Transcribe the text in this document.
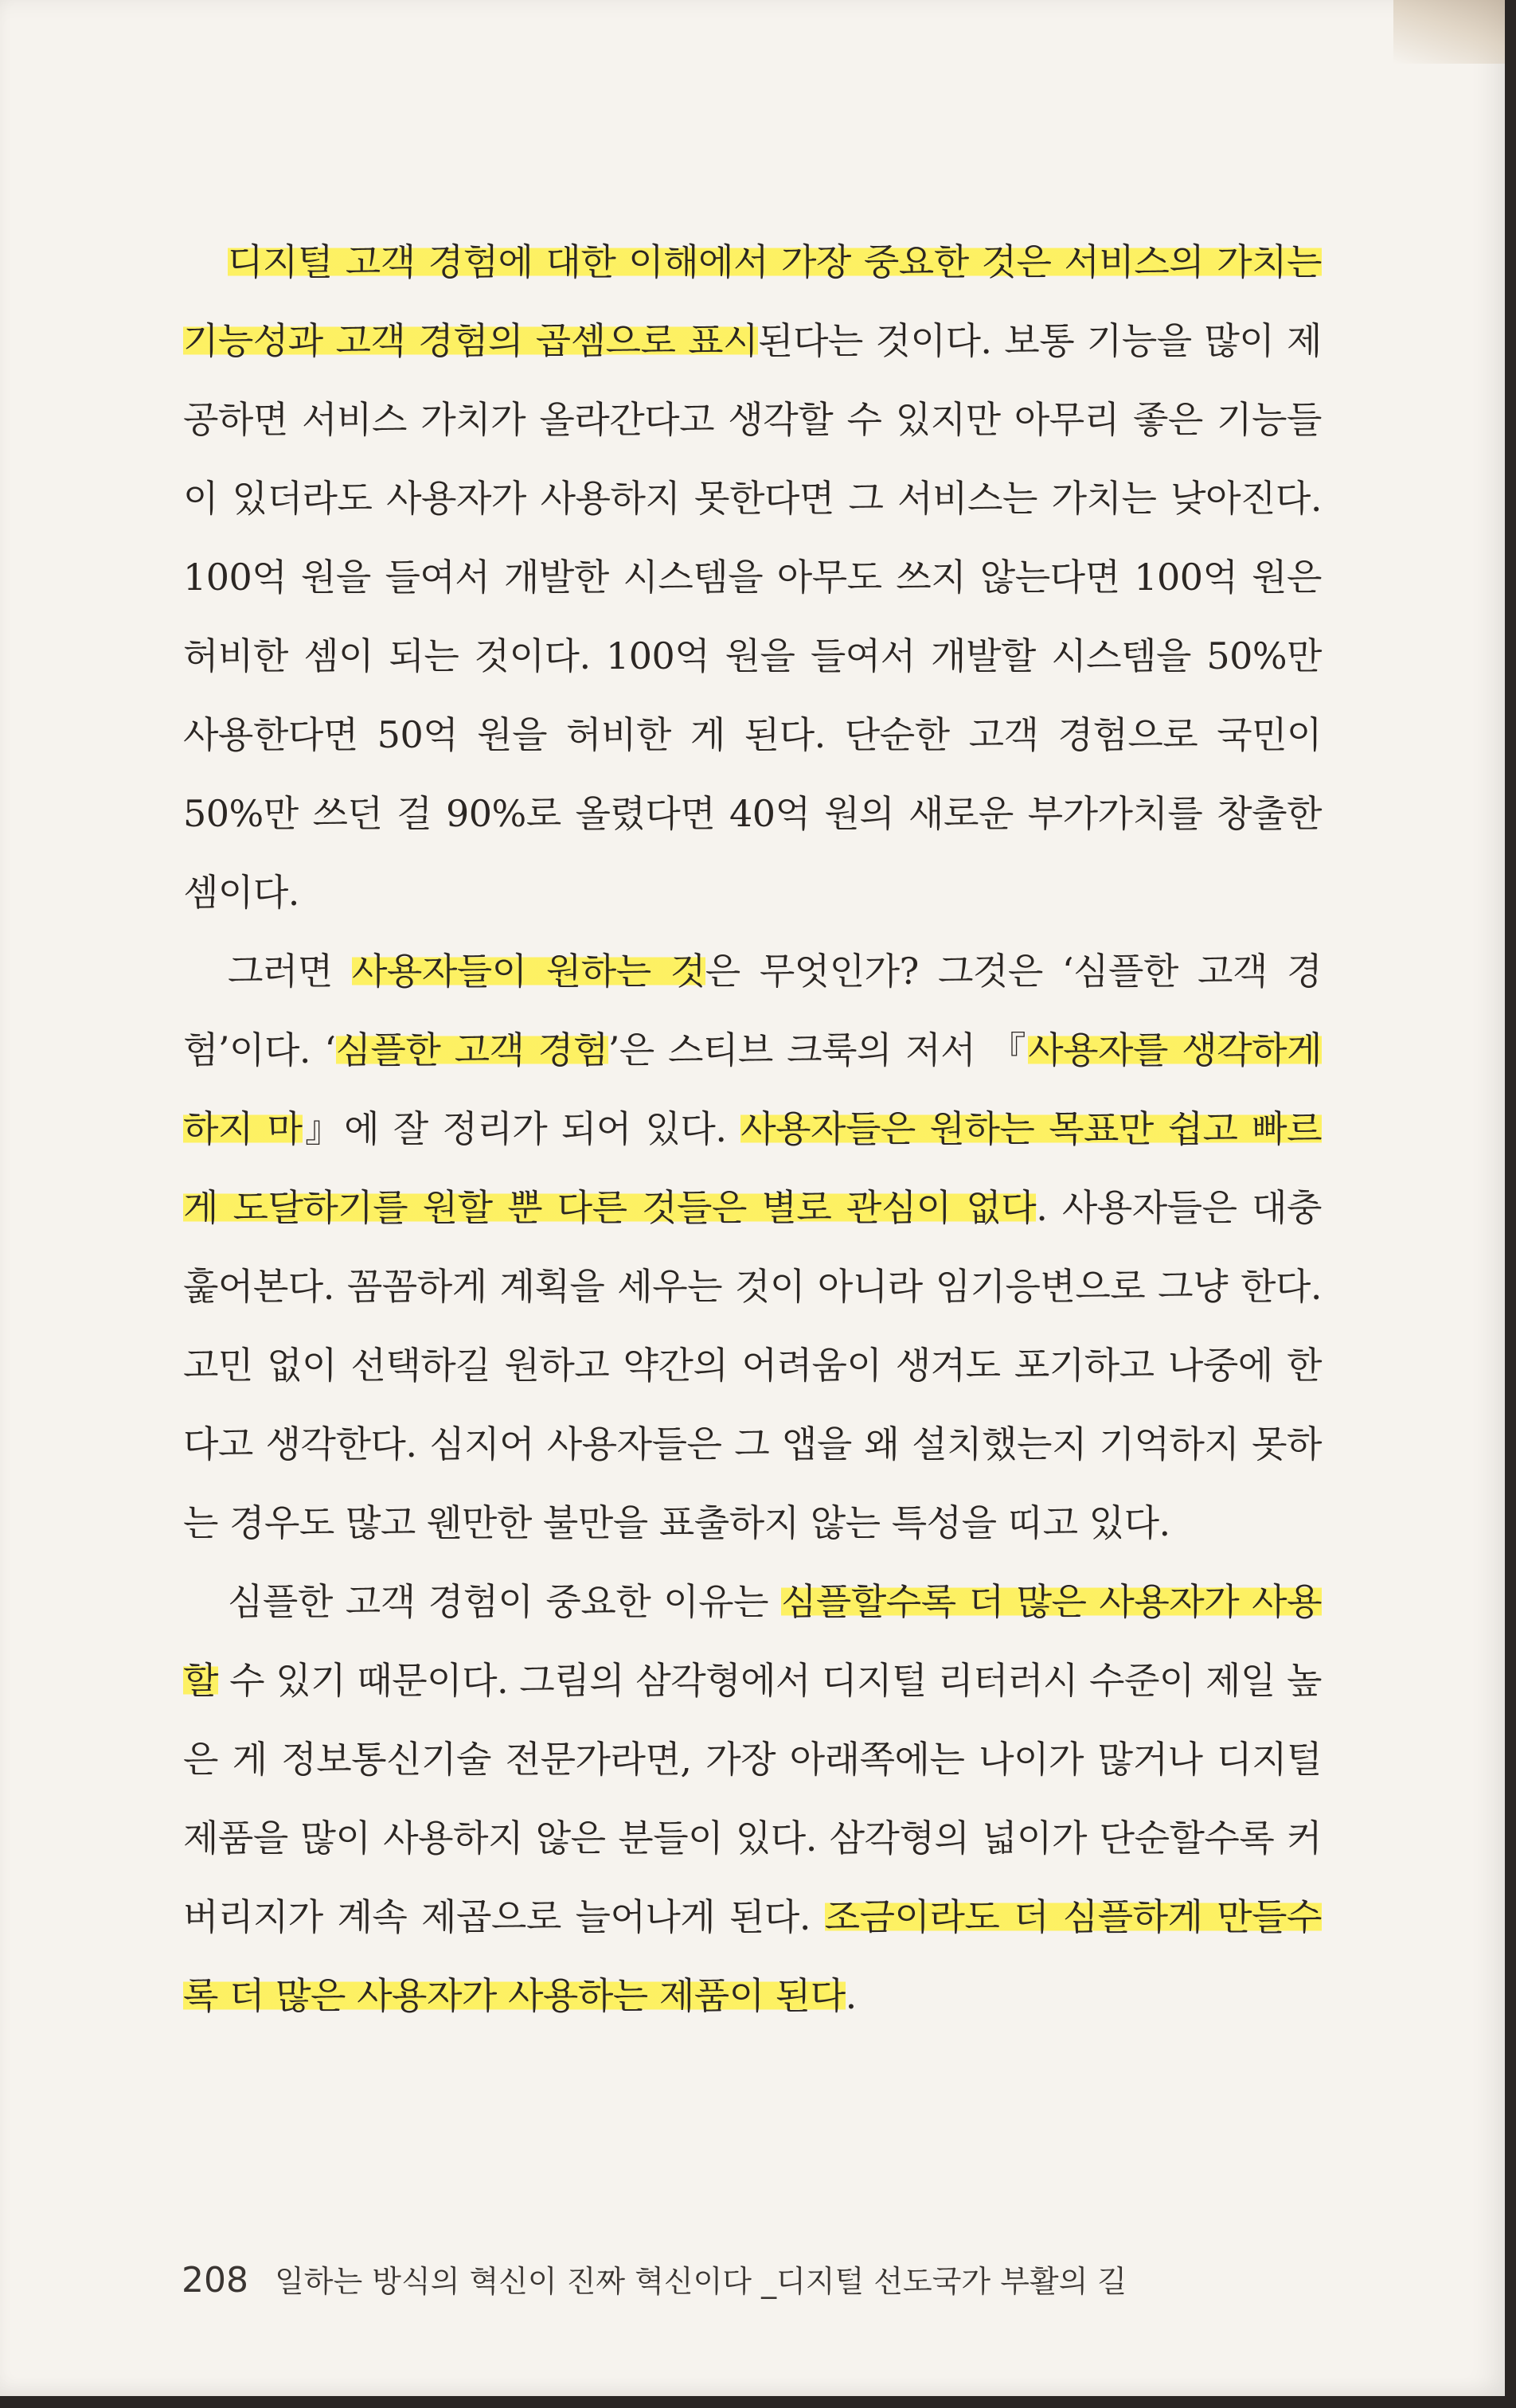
디지털 고객 경험에 대한 이해에서 가장 중요한 것은 서비스의 가치는 기능성과 고객 경험의 곱셈으로 표시된다는 것이다. 보통 기능을 많이 제공하면 서비스 가치가 올라간다고 생각할 수 있지만 아무리 좋은 기능들이 있더라도 사용자가 사용하지 못한다면 그 서비스는 가치는 낮아진다. 100억 원을 들여서 개발한 시스템을 아무도 쓰지 않는다면 100억 원은 허비한 셈이 되는 것이다. 100억 원을 들여서 개발할 시스템을 50%만 사용한다면 50억 원을 허비한 게 된다. 단순한 고객 경험으로 국민이 50%만 쓰던 걸 90%로 올렸다면 40억 원의 새로운 부가가치를 창출한 셈이다.

그러면 사용자들이 원하는 것은 무엇인가? 그것은 ‘심플한 고객 경험’이다. ‘심플한 고객 경험’은 스티브 크룩의 저서 『사용자를 생각하게 하지 마』에 잘 정리가 되어 있다. 사용자들은 원하는 목표만 쉽고 빠르게 도달하기를 원할 뿐 다른 것들은 별로 관심이 없다. 사용자들은 대충 훑어본다. 꼼꼼하게 계획을 세우는 것이 아니라 임기응변으로 그냥 한다. 고민 없이 선택하길 원하고 약간의 어려움이 생겨도 포기하고 나중에 한다고 생각한다. 심지어 사용자들은 그 앱을 왜 설치했는지 기억하지 못하는 경우도 많고 웬만한 불만을 표출하지 않는 특성을 띠고 있다.

심플한 고객 경험이 중요한 이유는 심플할수록 더 많은 사용자가 사용할 수 있기 때문이다. 그림의 삼각형에서 디지털 리터러시 수준이 제일 높은 게 정보통신기술 전문가라면, 가장 아래쪽에는 나이가 많거나 디지털 제품을 많이 사용하지 않은 분들이 있다. 삼각형의 넓이가 단순할수록 커버리지가 계속 제곱으로 늘어나게 된다. 조금이라도 더 심플하게 만들수록 더 많은 사용자가 사용하는 제품이 된다.

208 일하는 방식의 혁신이 진짜 혁신이다 _디지털 선도국가 부활의 길
